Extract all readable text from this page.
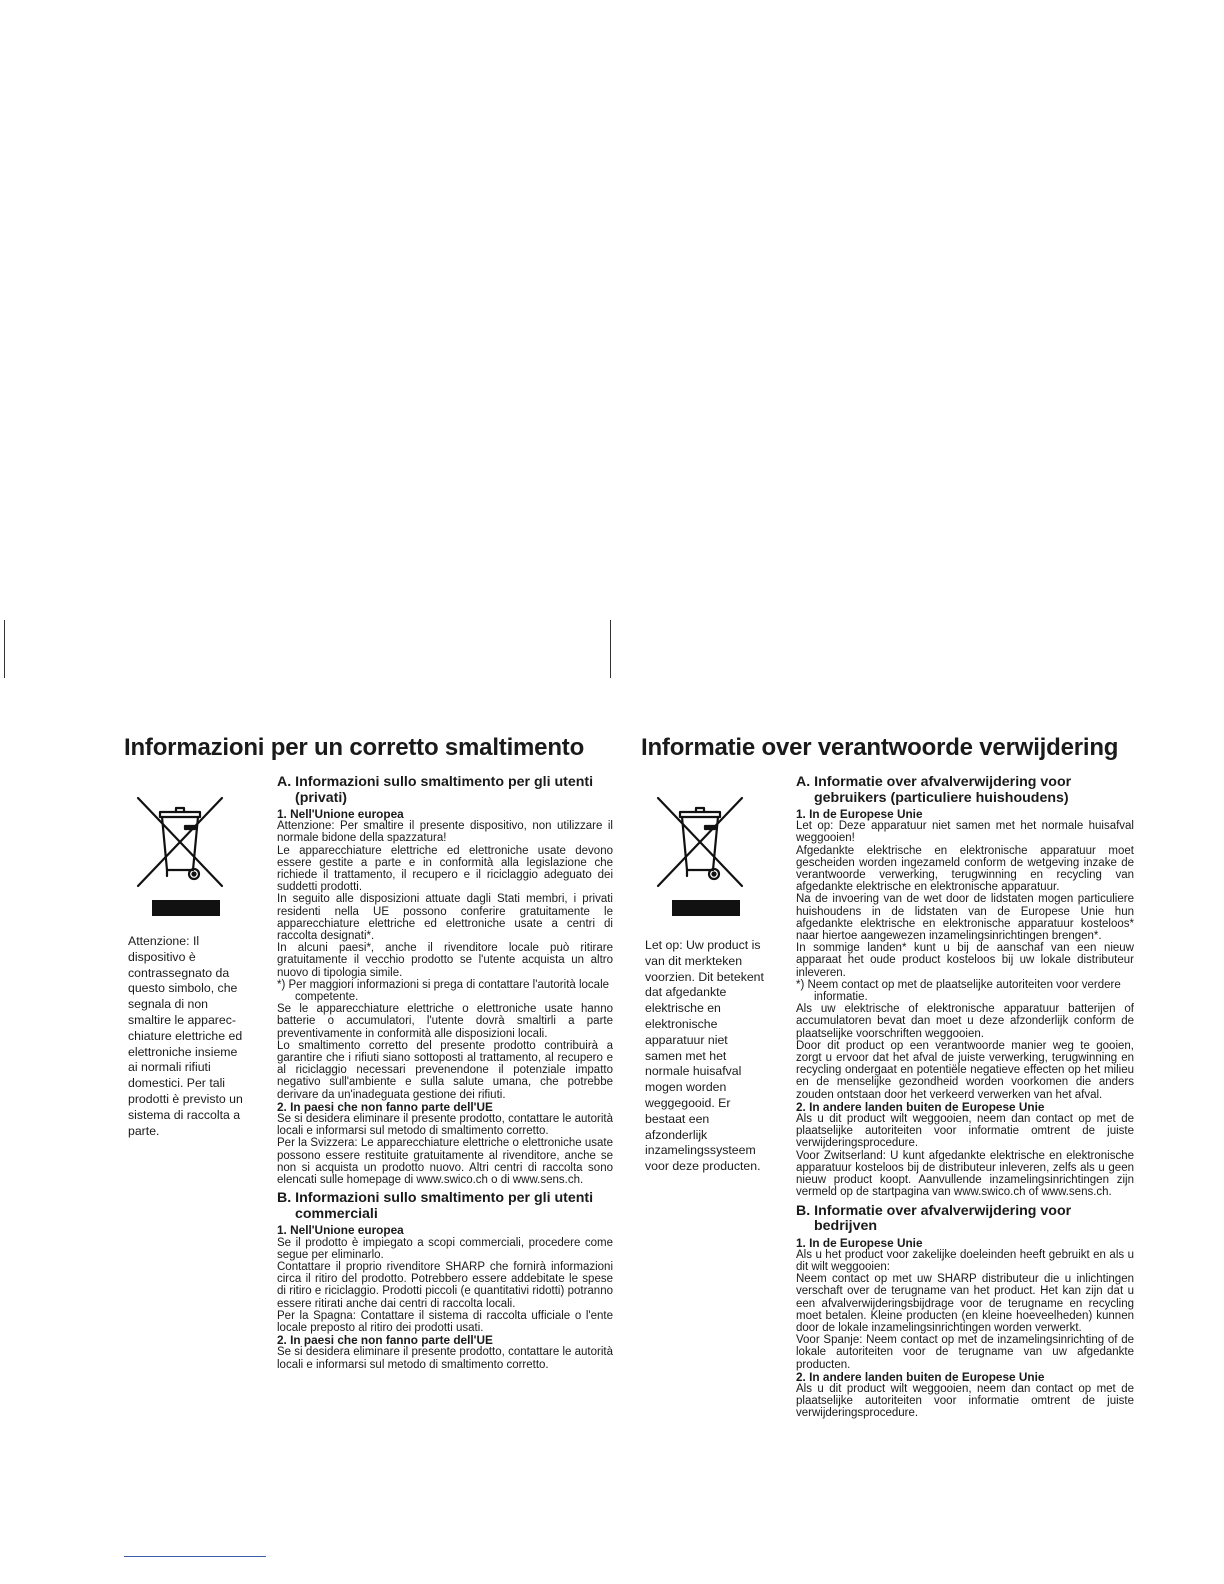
Informazioni per un corretto smaltimento
Attenzione: Il dispositivo è contrassegnato da questo simbolo, che segnala di non smaltire le apparec-chiature elettriche ed elettroniche insieme ai normali rifiuti domestici. Per tali prodotti è previsto un sistema di raccolta a parte.

A. Informazioni sullo smaltimento per gli utenti (privati)

1. Nell'Unione europea

Attenzione: Per smaltire il presente dispositivo, non utilizzare il normale bidone della spazzatura!

Le apparecchiature elettriche ed elettroniche usate devono essere gestite a parte e in conformità alla legislazione che richiede il trattamento, il recupero e il riciclaggio adeguato dei suddetti prodotti.

In seguito alle disposizioni attuate dagli Stati membri, i privati residenti nella UE possono conferire gratuitamente le apparecchiature elettriche ed elettroniche usate a centri di raccolta designati*.

In alcuni paesi*, anche il rivenditore locale può ritirare gratuitamente il vecchio prodotto se l'utente acquista un altro nuovo di tipologia simile.

*) Per maggiori informazioni si prega di contattare l'autorità locale competente.

Se le apparecchiature elettriche o elettroniche usate hanno batterie o accumulatori, l'utente dovrà smaltirli a parte preventivamente in conformità alle disposizioni locali.

Lo smaltimento corretto del presente prodotto contribuirà a garantire che i rifiuti siano sottoposti al trattamento, al recupero e al riciclaggio necessari prevenendone il potenziale impatto negativo sull'ambiente e sulla salute umana, che potrebbe derivare da un'inadeguata gestione dei rifiuti.

2. In paesi che non fanno parte dell'UE

Se si desidera eliminare il presente prodotto, contattare le autorità locali e informarsi sul metodo di smaltimento corretto.

Per la Svizzera: Le apparecchiature elettriche o elettroniche usate possono essere restituite gratuitamente al rivenditore, anche se non si acquista un prodotto nuovo. Altri centri di raccolta sono elencati sulle homepage di www.swico.ch o di www.sens.ch.

B. Informazioni sullo smaltimento per gli utenti commerciali

1. Nell'Unione europea

Se il prodotto è impiegato a scopi commerciali, procedere come segue per eliminarlo.

Contattare il proprio rivenditore SHARP che fornirà informazioni circa il ritiro del prodotto. Potrebbero essere addebitate le spese di ritiro e riciclaggio. Prodotti piccoli (e quantitativi ridotti) potranno essere ritirati anche dai centri di raccolta locali.

Per la Spagna: Contattare il sistema di raccolta ufficiale o l'ente locale preposto al ritiro dei prodotti usati.

2. In paesi che non fanno parte dell'UE

Se si desidera eliminare il presente prodotto, contattare le autorità locali e informarsi sul metodo di smaltimento corretto.

Informatie over verantwoorde verwijdering
Let op: Uw product is van dit merkteken voorzien. Dit betekent dat afgedankte elektrische en elektronische apparatuur niet samen met het normale huisafval mogen worden weggegooid. Er bestaat een afzonderlijk inzamelingssysteem voor deze producten.

A. Informatie over afvalverwijdering voor gebruikers (particuliere huishoudens)

1. In de Europese Unie

Let op: Deze apparatuur niet samen met het normale huisafval weggooien!

Afgedankte elektrische en elektronische apparatuur moet gescheiden worden ingezameld conform de wetgeving inzake de verantwoorde verwerking, terugwinning en recycling van afgedankte elektrische en elektronische apparatuur.

Na de invoering van de wet door de lidstaten mogen particuliere huishoudens in de lidstaten van de Europese Unie hun afgedankte elektrische en elektronische apparatuur kosteloos* naar hiertoe aangewezen inzamelingsinrichtingen brengen*.

In sommige landen* kunt u bij de aanschaf van een nieuw apparaat het oude product kosteloos bij uw lokale distributeur inleveren.

*) Neem contact op met de plaatselijke autoriteiten voor verdere informatie.

Als uw elektrische of elektronische apparatuur batterijen of accumulatoren bevat dan moet u deze afzonderlijk conform de plaatselijke voorschriften weggooien.

Door dit product op een verantwoorde manier weg te gooien, zorgt u ervoor dat het afval de juiste verwerking, terugwinning en recycling ondergaat en potentiële negatieve effecten op het milieu en de menselijke gezondheid worden voorkomen die anders zouden ontstaan door het verkeerd verwerken van het afval.

2. In andere landen buiten de Europese Unie

Als u dit product wilt weggooien, neem dan contact op met de plaatselijke autoriteiten voor informatie omtrent de juiste verwijderingsprocedure.

Voor Zwitserland: U kunt afgedankte elektrische en elektronische apparatuur kosteloos bij de distributeur inleveren, zelfs als u geen nieuw product koopt. Aanvullende inzamelingsinrichtingen zijn vermeld op de startpagina van www.swico.ch of www.sens.ch.

B. Informatie over afvalverwijdering voor bedrijven

1. In de Europese Unie

Als u het product voor zakelijke doeleinden heeft gebruikt en als u dit wilt weggooien:

Neem contact op met uw SHARP distributeur die u inlichtingen verschaft over de terugname van het product. Het kan zijn dat u een afvalverwijderingsbijdrage voor de terugname en recycling moet betalen. Kleine producten (en kleine hoeveelheden) kunnen door de lokale inzamelingsinrichtingen worden verwerkt.

Voor Spanje: Neem contact op met de inzamelingsinrichting of de lokale autoriteiten voor de terugname van uw afgedankte producten.

2. In andere landen buiten de Europese Unie

Als u dit product wilt weggooien, neem dan contact op met de plaatselijke autoriteiten voor informatie omtrent de juiste verwijderingsprocedure.
